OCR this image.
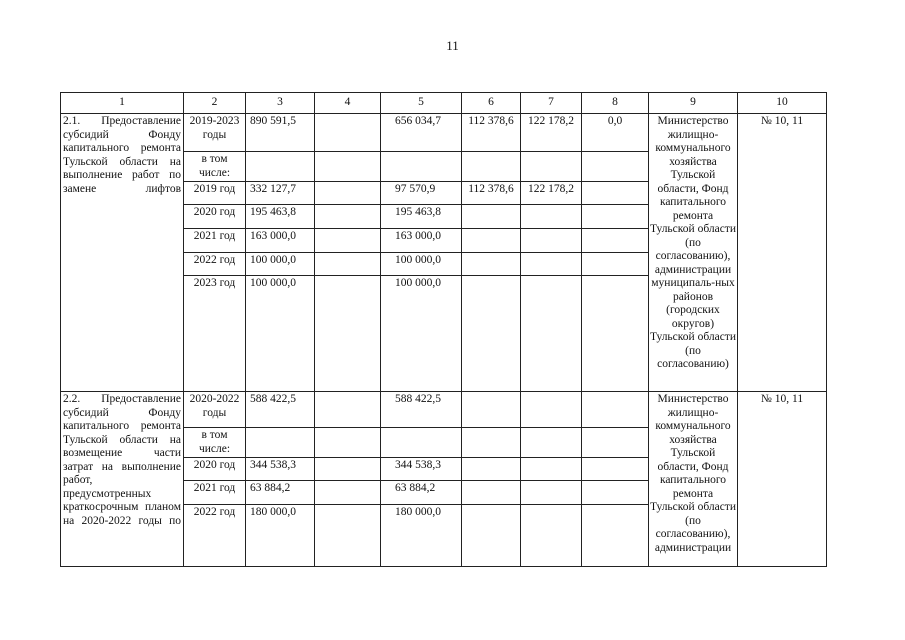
11
1	2	3	4	5	6	7	8	9	10
2.1. Предоставление субсидий Фонду капитального ремонта Тульской области на выполнение работ по замене лифтов	2019-2023 годы	890 591,5		656 034,7	112 378,6	122 178,2	0,0	Министерство жилищно-коммунального хозяйства Тульской области, Фонд капитального ремонта Тульской области (по согласованию), администрации муниципаль-ных районов (городских округов) Тульской области (по согласованию)	№ 10, 11
	в том числе:								
	2019 год	332 127,7		97 570,9	112 378,6	122 178,2			
	2020 год	195 463,8		195 463,8					
	2021 год	163 000,0		163 000,0					
	2022 год	100 000,0		100 000,0					
	2023 год	100 000,0		100 000,0					
2.2. Предоставление субсидий Фонду капитального ремонта Тульской области на возмещение части затрат на выполнение работ, предусмотренных краткосрочным планом на 2020-2022 годы по	2020-2022 годы	588 422,5		588 422,5				Министерство жилищно-коммунального хозяйства Тульской области, Фонд капитального ремонта Тульской области (по согласованию), администрации	№ 10, 11
	в том числе:								
	2020 год	344 538,3		344 538,3					
	2021 год	63 884,2		63 884,2					
	2022 год	180 000,0		180 000,0					
